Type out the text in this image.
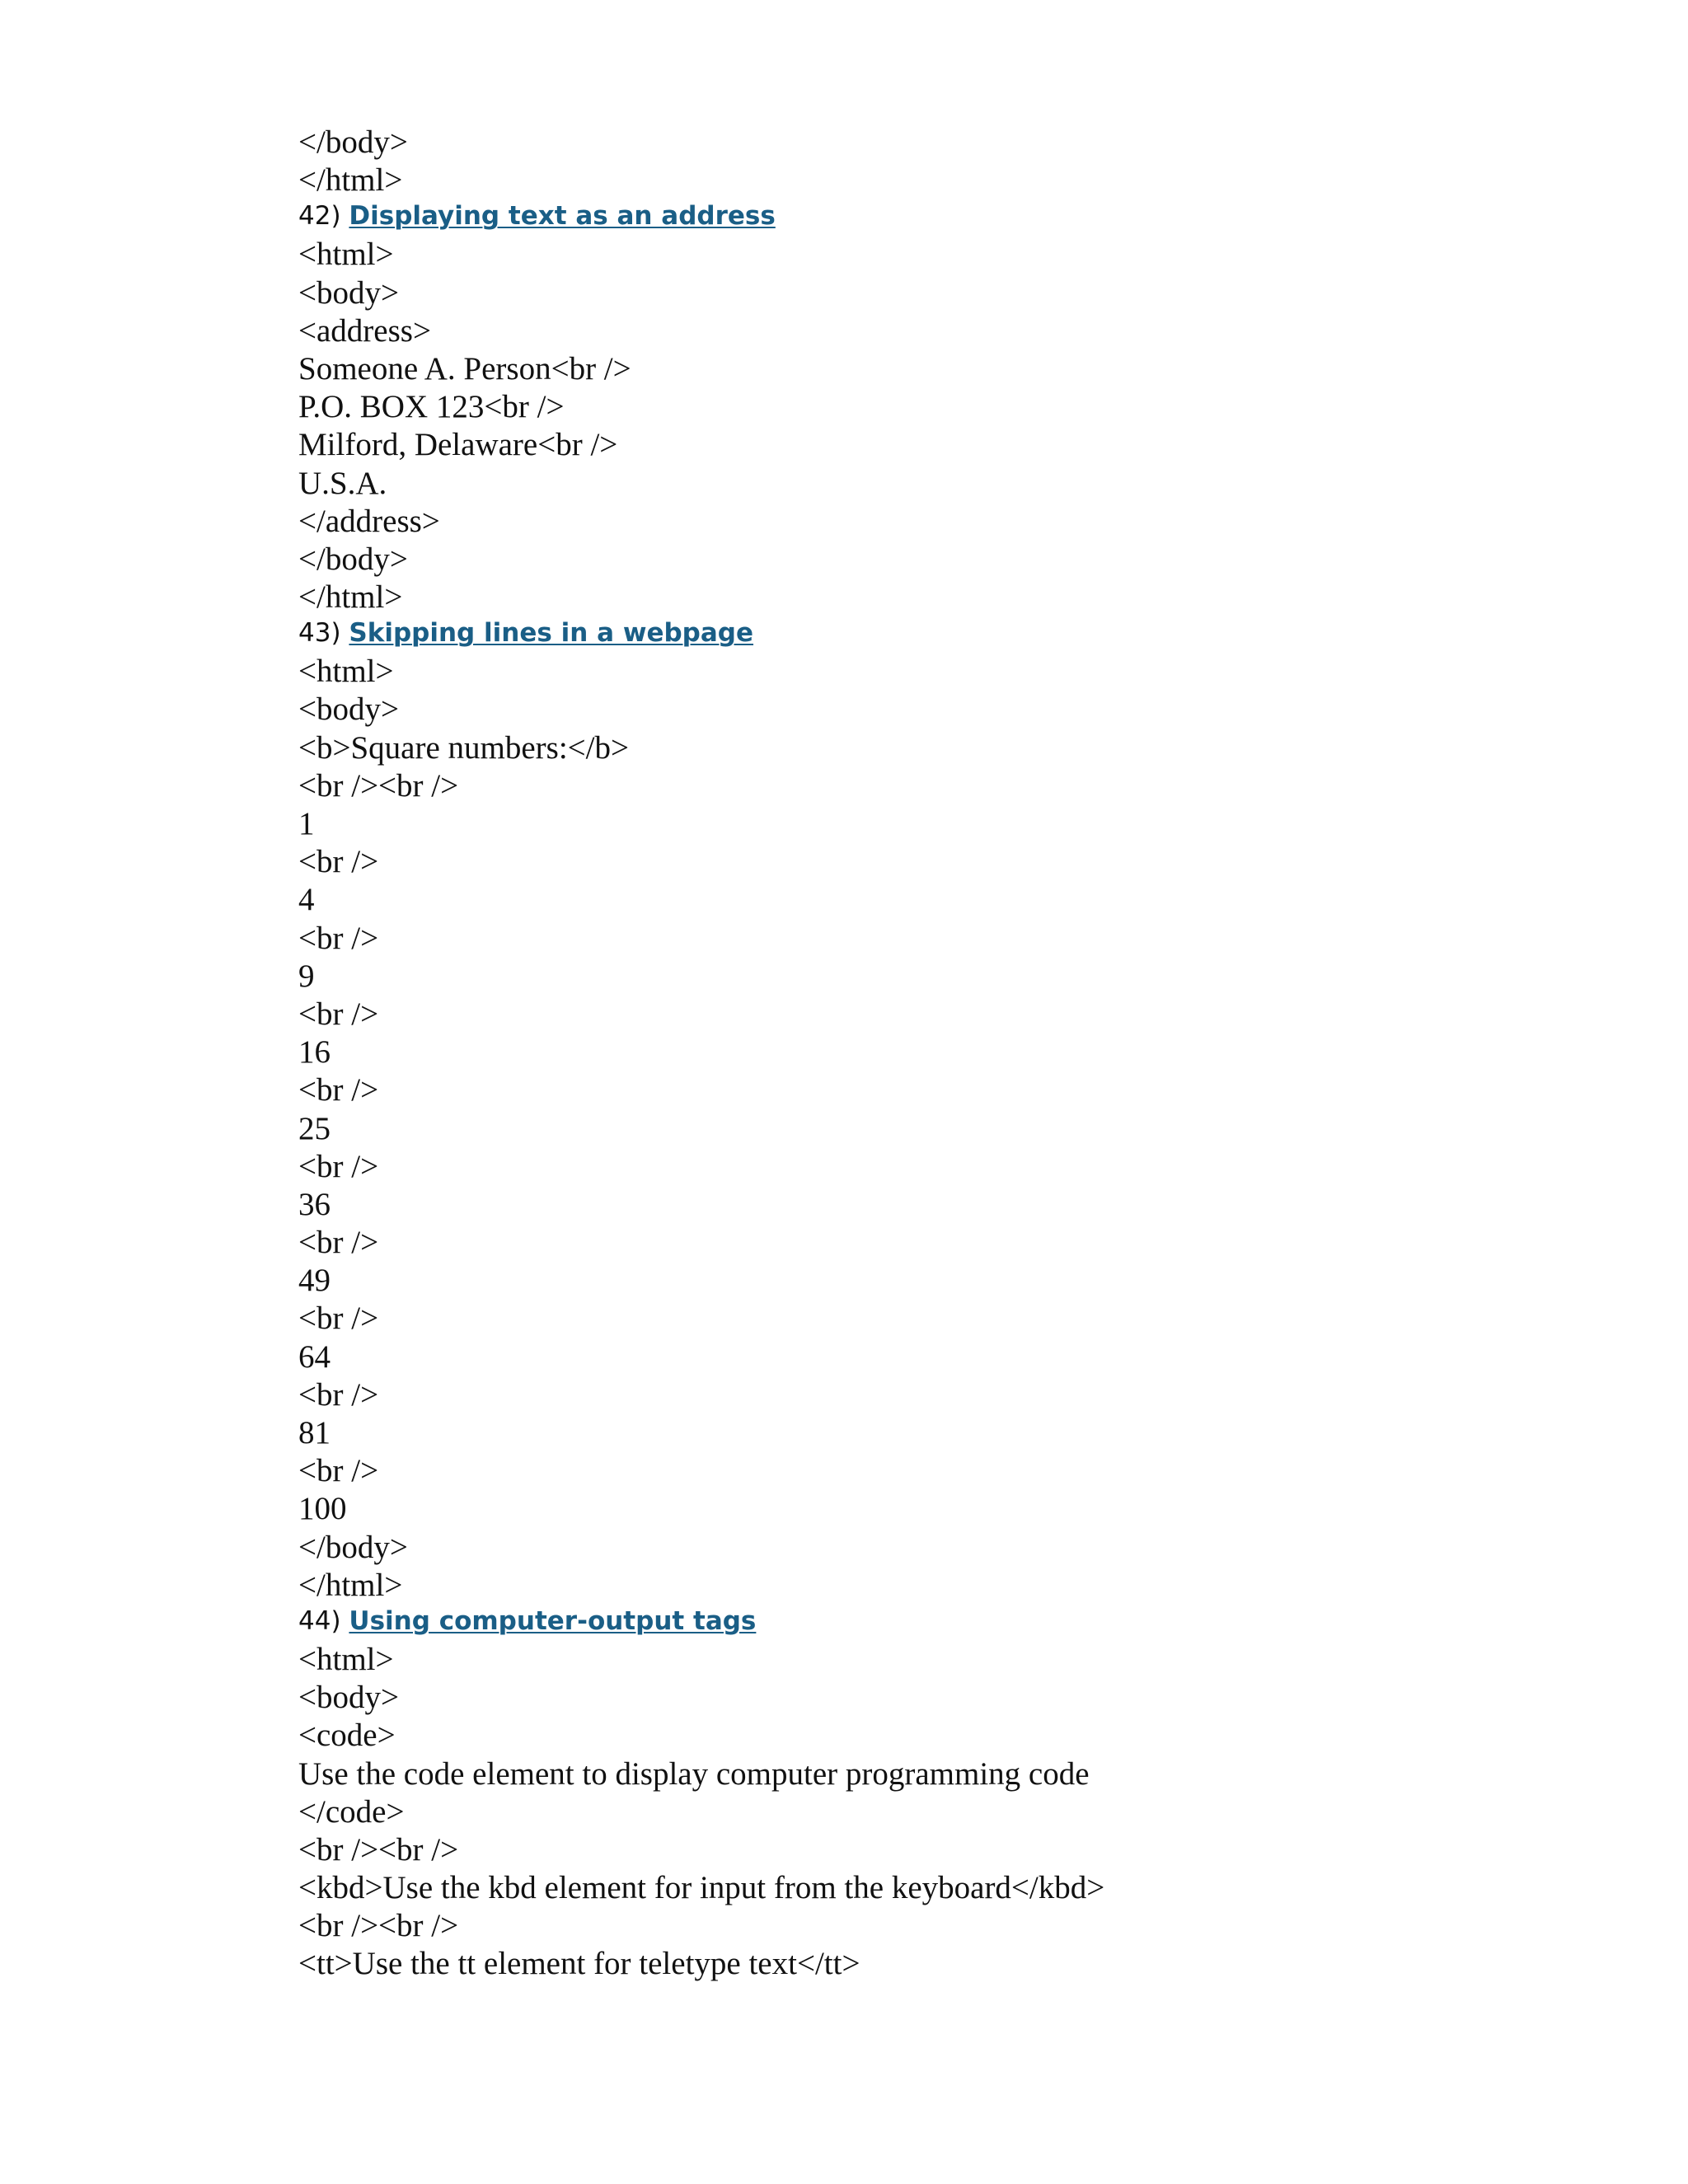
</body>
</html>
42) Displaying text as an address
<html>
<body>
<address>
Someone A. Person<br />
P.O. BOX 123<br />
Milford, Delaware<br />
U.S.A.
</address>
</body>
</html>
43) Skipping lines in a webpage
<html>
<body>
<b>Square numbers:</b>
<br /><br />
1
<br />
4
<br />
9
<br />
16
<br />
25
<br />
36
<br />
49
<br />
64
<br />
81
<br />
100
</body>
</html>
44) Using computer-output tags
<html>
<body>
<code>
Use the code element to display computer programming code
</code>
<br /><br />
<kbd>Use the kbd element for input from the keyboard</kbd>
<br /><br />
<tt>Use the tt element for teletype text</tt>
